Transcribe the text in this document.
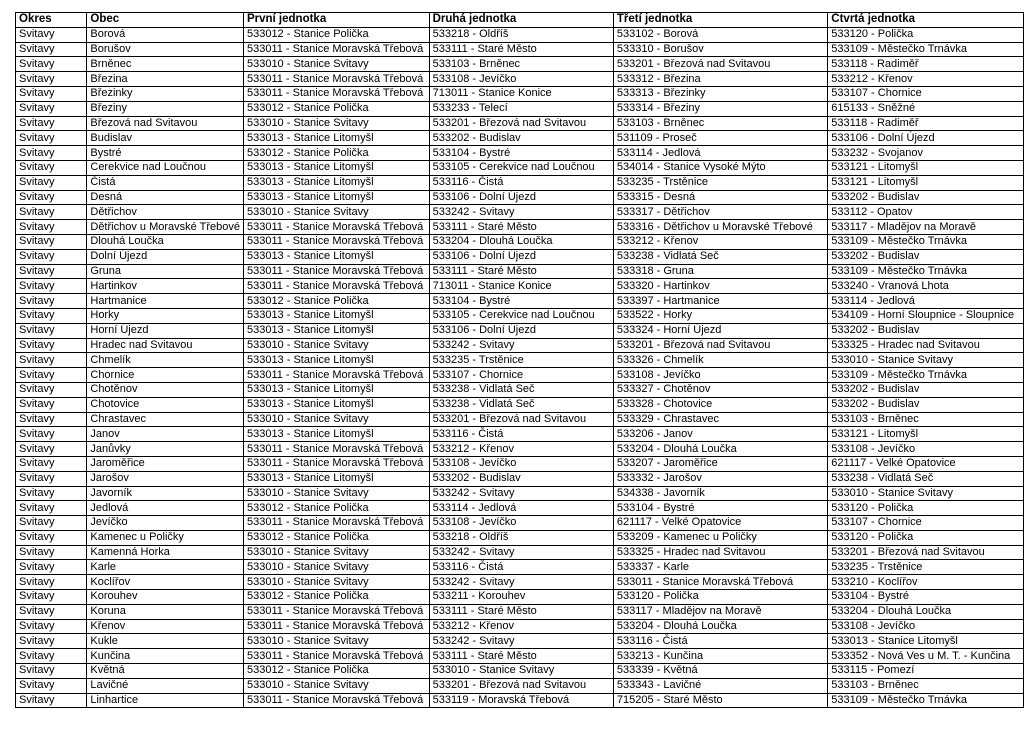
Okres	Obec	První jednotka	Druhá jednotka	Třetí jednotka	Čtvrtá jednotka
Svitavy	Borová	533012 - Stanice Polička	533218 - Oldříš	533102 - Borová	533120 - Polička
Svitavy	Borušov	533011 - Stanice Moravská Třebová	533111 - Staré Město	533310 - Borušov	533109 - Městečko Trnávka
Svitavy	Brněnec	533010 - Stanice Svitavy	533103 - Brněnec	533201 - Březová nad Svitavou	533118 - Radiměř
Svitavy	Březina	533011 - Stanice Moravská Třebová	533108 - Jevíčko	533312 - Březina	533212 - Křenov
Svitavy	Březinky	533011 - Stanice Moravská Třebová	713011 - Stanice Konice	533313 - Březinky	533107 - Chornice
Svitavy	Březiny	533012 - Stanice Polička	533233 - Telecí	533314 - Březiny	615133 - Sněžné
Svitavy	Březová nad Svitavou	533010 - Stanice Svitavy	533201 - Březová nad Svitavou	533103 - Brněnec	533118 - Radiměř
Svitavy	Budislav	533013 - Stanice Litomyšl	533202 - Budislav	531109 - Proseč	533106 - Dolní Újezd
Svitavy	Bystré	533012 - Stanice Polička	533104 - Bystré	533114 - Jedlová	533232 - Svojanov
Svitavy	Cerekvice nad Loučnou	533013 - Stanice Litomyšl	533105 - Cerekvice nad Loučnou	534014 - Stanice Vysoké Mýto	533121 - Litomyšl
Svitavy	Čistá	533013 - Stanice Litomyšl	533116 - Čistá	533235 - Trstěnice	533121 - Litomyšl
Svitavy	Desná	533013 - Stanice Litomyšl	533106 - Dolní Újezd	533315 - Desná	533202 - Budislav
Svitavy	Dětřichov	533010 - Stanice Svitavy	533242 - Svitavy	533317 - Dětřichov	533112 - Opatov
Svitavy	Dětřichov u Moravské Třebové	533011 - Stanice Moravská Třebová	533111 - Staré Město	533316 - Dětřichov u Moravské Třebové	533117 - Mladějov na Moravě
Svitavy	Dlouhá Loučka	533011 - Stanice Moravská Třebová	533204 - Dlouhá Loučka	533212 - Křenov	533109 - Městečko Trnávka
Svitavy	Dolní Újezd	533013 - Stanice Litomyšl	533106 - Dolní Újezd	533238 - Vidlatá Seč	533202 - Budislav
Svitavy	Gruna	533011 - Stanice Moravská Třebová	533111 - Staré Město	533318 - Gruna	533109 - Městečko Trnávka
Svitavy	Hartinkov	533011 - Stanice Moravská Třebová	713011 - Stanice Konice	533320 - Hartinkov	533240 - Vranová Lhota
Svitavy	Hartmanice	533012 - Stanice Polička	533104 - Bystré	533397 - Hartmanice	533114 - Jedlová
Svitavy	Horky	533013 - Stanice Litomyšl	533105 - Cerekvice nad Loučnou	533522 - Horky	534109 - Horní Sloupnice - Sloupnice
Svitavy	Horní Újezd	533013 - Stanice Litomyšl	533106 - Dolní Újezd	533324 - Horní Újezd	533202 - Budislav
Svitavy	Hradec nad Svitavou	533010 - Stanice Svitavy	533242 - Svitavy	533201 - Březová nad Svitavou	533325 - Hradec nad Svitavou
Svitavy	Chmelík	533013 - Stanice Litomyšl	533235 - Trstěnice	533326 - Chmelík	533010 - Stanice Svitavy
Svitavy	Chornice	533011 - Stanice Moravská Třebová	533107 - Chornice	533108 - Jevíčko	533109 - Městečko Trnávka
Svitavy	Chotěnov	533013 - Stanice Litomyšl	533238 - Vidlatá Seč	533327 - Chotěnov	533202 - Budislav
Svitavy	Chotovice	533013 - Stanice Litomyšl	533238 - Vidlatá Seč	533328 - Chotovice	533202 - Budislav
Svitavy	Chrastavec	533010 - Stanice Svitavy	533201 - Březová nad Svitavou	533329 - Chrastavec	533103 - Brněnec
Svitavy	Janov	533013 - Stanice Litomyšl	533116 - Čistá	533206 - Janov	533121 - Litomyšl
Svitavy	Janůvky	533011 - Stanice Moravská Třebová	533212 - Křenov	533204 - Dlouhá Loučka	533108 - Jevíčko
Svitavy	Jaroměřice	533011 - Stanice Moravská Třebová	533108 - Jevíčko	533207 - Jaroměřice	621117 - Velké Opatovice
Svitavy	Jarošov	533013 - Stanice Litomyšl	533202 - Budislav	533332 - Jarošov	533238 - Vidlatá Seč
Svitavy	Javorník	533010 - Stanice Svitavy	533242 - Svitavy	534338 - Javorník	533010 - Stanice Svitavy
Svitavy	Jedlová	533012 - Stanice Polička	533114 - Jedlová	533104 - Bystré	533120 - Polička
Svitavy	Jevíčko	533011 - Stanice Moravská Třebová	533108 - Jevíčko	621117 - Velké Opatovice	533107 - Chornice
Svitavy	Kamenec u Poličky	533012 - Stanice Polička	533218 - Oldříš	533209 - Kamenec u Poličky	533120 - Polička
Svitavy	Kamenná Horka	533010 - Stanice Svitavy	533242 - Svitavy	533325 - Hradec nad Svitavou	533201 - Březová nad Svitavou
Svitavy	Karle	533010 - Stanice Svitavy	533116 - Čistá	533337 - Karle	533235 - Trstěnice
Svitavy	Koclířov	533010 - Stanice Svitavy	533242 - Svitavy	533011 - Stanice Moravská Třebová	533210 - Koclířov
Svitavy	Korouhev	533012 - Stanice Polička	533211 - Korouhev	533120 - Polička	533104 - Bystré
Svitavy	Koruna	533011 - Stanice Moravská Třebová	533111 - Staré Město	533117 - Mladějov na Moravě	533204 - Dlouhá Loučka
Svitavy	Křenov	533011 - Stanice Moravská Třebová	533212 - Křenov	533204 - Dlouhá Loučka	533108 - Jevíčko
Svitavy	Kukle	533010 - Stanice Svitavy	533242 - Svitavy	533116 - Čistá	533013 - Stanice Litomyšl
Svitavy	Kunčina	533011 - Stanice Moravská Třebová	533111 - Staré Město	533213 - Kunčina	533352 - Nová Ves u M. T. - Kunčina
Svitavy	Květná	533012 - Stanice Polička	533010 - Stanice Svitavy	533339 - Květná	533115 - Pomezí
Svitavy	Lavičné	533010 - Stanice Svitavy	533201 - Březová nad Svitavou	533343 - Lavičné	533103 - Brněnec
Svitavy	Linhartice	533011 - Stanice Moravská Třebová	533119 - Moravská Třebová	715205 - Staré Město	533109 - Městečko Trnávka
